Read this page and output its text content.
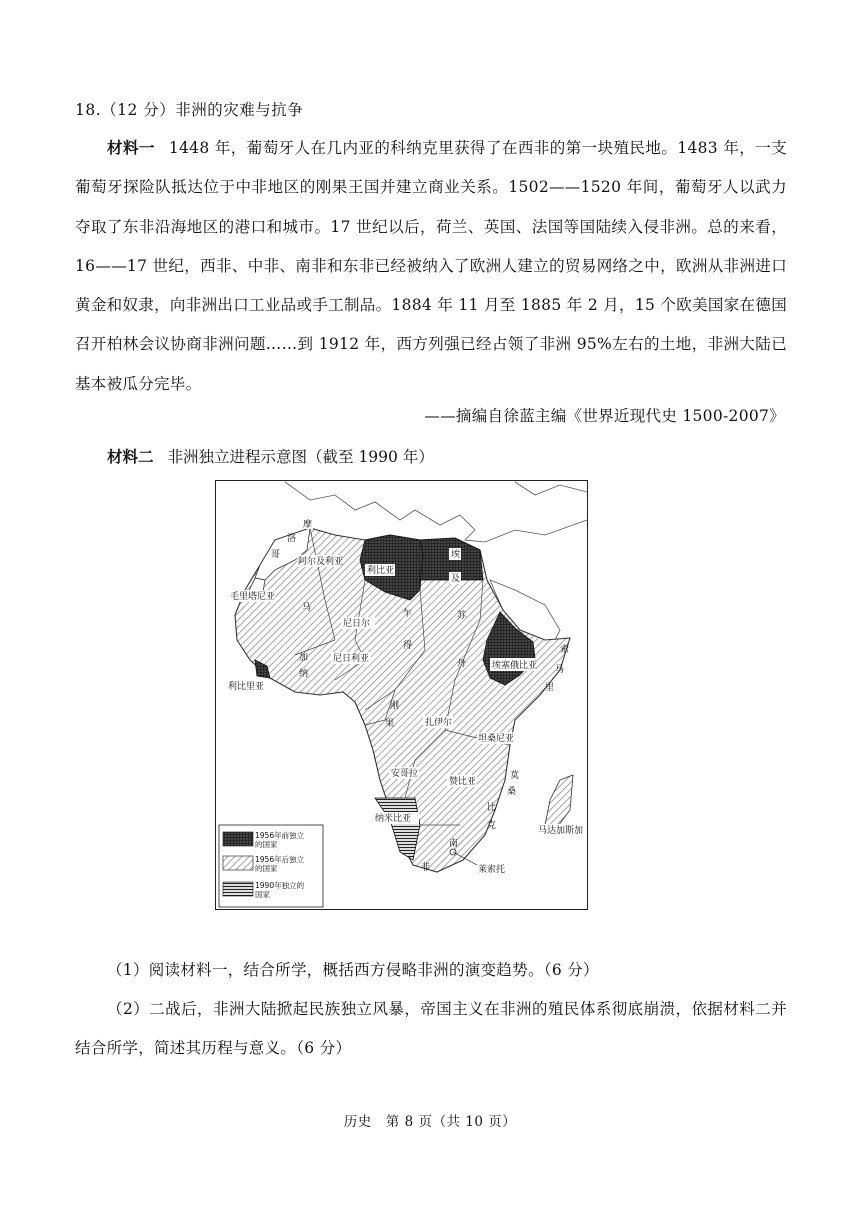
18.（12 分）非洲的灾难与抗争
材料一 1448 年，葡萄牙人在几内亚的科纳克里获得了在西非的第一块殖民地。1483 年，一支葡萄牙探险队抵达位于中非地区的刚果王国并建立商业关系。1502——1520 年间，葡萄牙人以武力夺取了东非沿海地区的港口和城市。17 世纪以后，荷兰、英国、法国等国陆续入侵非洲。总的来看，16——17 世纪，西非、中非、南非和东非已经被纳入了欧洲人建立的贸易网络之中，欧洲从非洲进口黄金和奴隶，向非洲出口工业品或手工制品。1884 年 11 月至 1885 年 2 月，15 个欧美国家在德国召开柏林会议协商非洲问题……到 1912 年，西方列强已经占领了非洲 95%左右的土地，非洲大陆已基本被瓜分完毕。
——摘编自徐蓝主编《世界近现代史 1500-2007》
材料二 非洲独立进程示意图（截至 1990 年）
摩
洛
哥
阿尔及利亚
利比亚
埃
及
毛里塔尼亚
马
尼日尔
乍
得
苏
丹	埃塞俄比亚
索
马
里
加
纳
尼日利亚
利比里亚
刚
果	扎伊尔
坦桑尼亚
安哥拉
赞比亚
莫
桑
比
克
纳米比亚
南
非	莱索托
马达加斯加
1956年前独立
的国家
1956年后独立
的国家
1990年独立的
国家
（1）阅读材料一，结合所学，概括西方侵略非洲的演变趋势。（6 分）
（2）二战后，非洲大陆掀起民族独立风暴，帝国主义在非洲的殖民体系彻底崩溃，依据材料二并结合所学，简述其历程与意义。（6 分）
历史　第 8 页（共 10 页）
